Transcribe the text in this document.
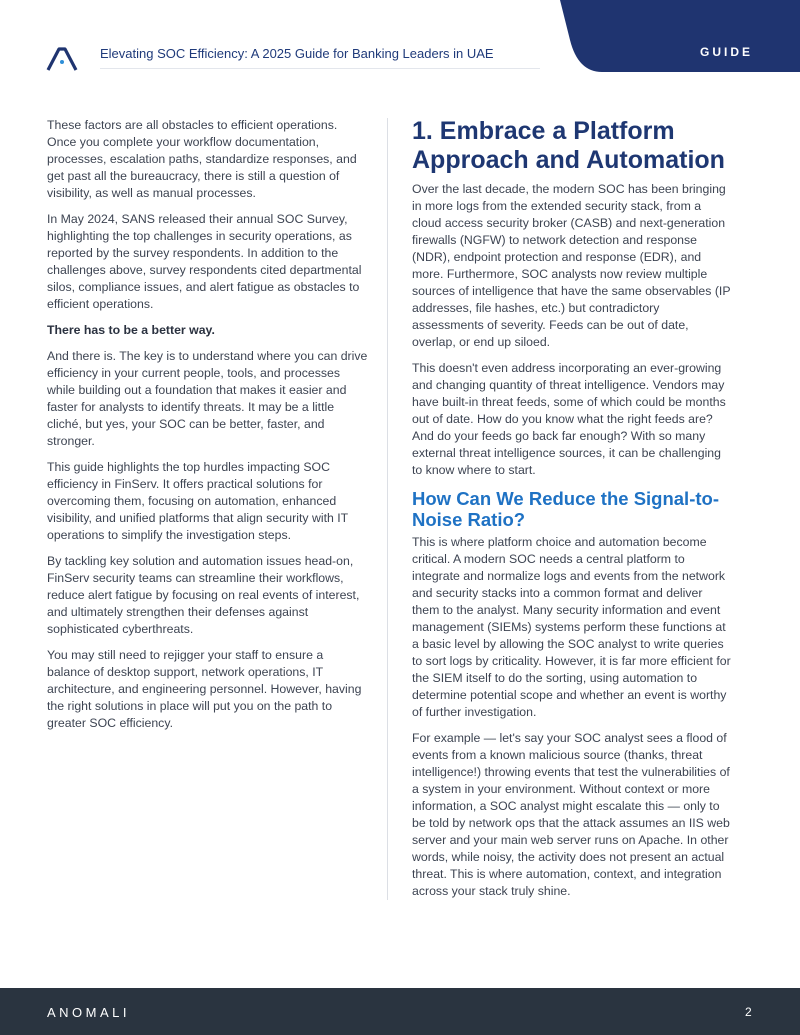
Elevating SOC Efficiency: A 2025 Guide for Banking Leaders in UAE	GUIDE

These factors are all obstacles to efficient operations. Once you complete your workflow documentation, processes, escalation paths, standardize responses, and get past all the bureaucracy, there is still a question of visibility, as well as manual processes.

In May 2024, SANS released their annual SOC Survey, highlighting the top challenges in security operations, as reported by the survey respondents. In addition to the challenges above, survey respondents cited departmental silos, compliance issues, and alert fatigue as obstacles to efficient operations.

There has to be a better way.

And there is. The key is to understand where you can drive efficiency in your current people, tools, and processes while building out a foundation that makes it easier and faster for analysts to identify threats. It may be a little cliché, but yes, your SOC can be better, faster, and stronger.

This guide highlights the top hurdles impacting SOC efficiency in FinServ. It offers practical solutions for overcoming them, focusing on automation, enhanced visibility, and unified platforms that align security with IT operations to simplify the investigation steps.

By tackling key solution and automation issues head-on, FinServ security teams can streamline their workflows, reduce alert fatigue by focusing on real events of interest, and ultimately strengthen their defenses against sophisticated cyberthreats.

You may still need to rejigger your staff to ensure a balance of desktop support, network operations, IT architecture, and engineering personnel. However, having the right solutions in place will put you on the path to greater SOC efficiency.

1. Embrace a Platform Approach and Automation

Over the last decade, the modern SOC has been bringing in more logs from the extended security stack, from a cloud access security broker (CASB) and next-generation firewalls (NGFW) to network detection and response (NDR), endpoint protection and response (EDR), and more. Furthermore, SOC analysts now review multiple sources of intelligence that have the same observables (IP addresses, file hashes, etc.) but contradictory assessments of severity. Feeds can be out of date, overlap, or end up siloed.

This doesn't even address incorporating an ever-growing and changing quantity of threat intelligence. Vendors may have built-in threat feeds, some of which could be months out of date. How do you know what the right feeds are? And do your feeds go back far enough? With so many external threat intelligence sources, it can be challenging to know where to start.

How Can We Reduce the Signal-to-Noise Ratio?

This is where platform choice and automation become critical. A modern SOC needs a central platform to integrate and normalize logs and events from the network and security stacks into a common format and deliver them to the analyst. Many security information and event management (SIEMs) systems perform these functions at a basic level by allowing the SOC analyst to write queries to sort logs by criticality. However, it is far more efficient for the SIEM itself to do the sorting, using automation to determine potential scope and whether an event is worthy of further investigation.

For example — let's say your SOC analyst sees a flood of events from a known malicious source (thanks, threat intelligence!) throwing events that test the vulnerabilities of a system in your environment. Without context or more information, a SOC analyst might escalate this — only to be told by network ops that the attack assumes an IIS web server and your main web server runs on Apache. In other words, while noisy, the activity does not present an actual threat. This is where automation, context, and integration across your stack truly shine.

ANOMALI	2
